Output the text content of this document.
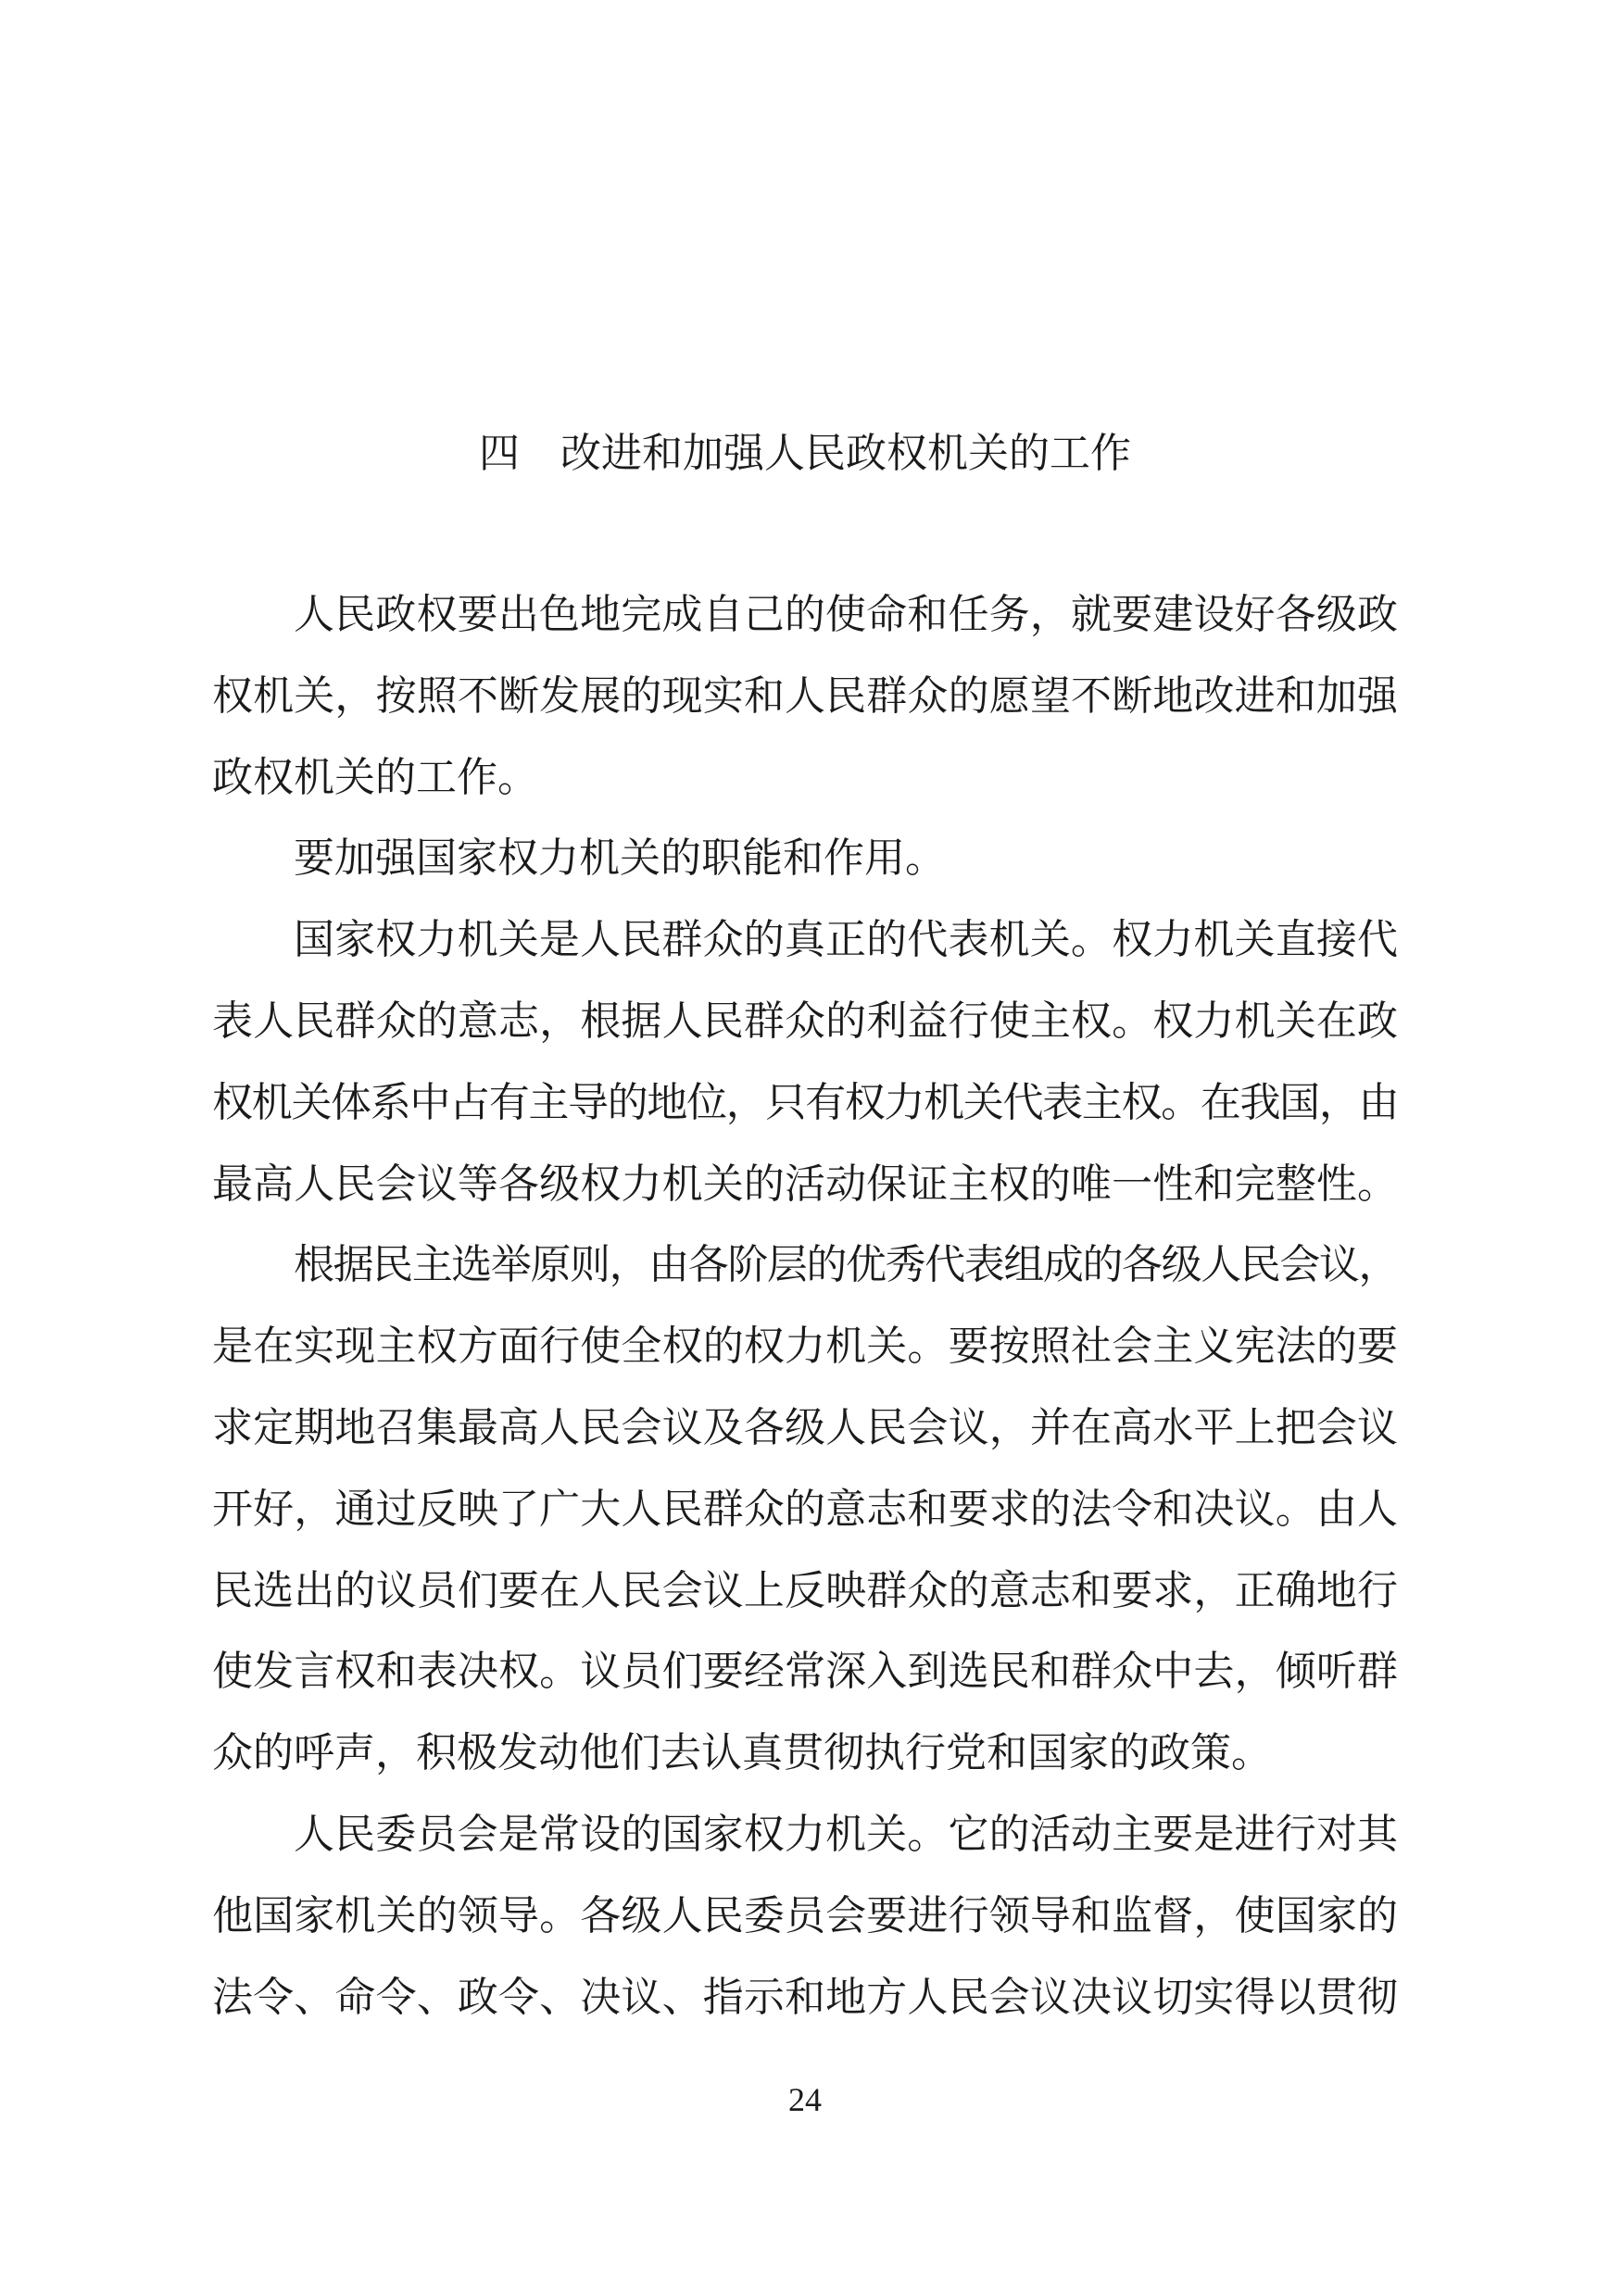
四 改进和加强人民政权机关的工作
人民政权要出色地完成自己的使命和任务，就要建设好各级政
权机关，按照不断发展的现实和人民群众的愿望不断地改进和加强
政权机关的工作。
要加强国家权力机关的职能和作用。
国家权力机关是人民群众的真正的代表机关。权力机关直接代
表人民群众的意志，根据人民群众的利益行使主权。权力机关在政
权机关体系中占有主导的地位，只有权力机关代表主权。在我国，由
最高人民会议等各级权力机关的活动保证主权的唯一性和完整性。
根据民主选举原则，由各阶层的优秀代表组成的各级人民会议，
是在实现主权方面行使全权的权力机关。要按照社会主义宪法的要
求定期地召集最高人民会议及各级人民会议，并在高水平上把会议
开好，通过反映了广大人民群众的意志和要求的法令和决议。由人
民选出的议员们要在人民会议上反映群众的意志和要求，正确地行
使发言权和表决权。议员们要经常深入到选民和群众中去，倾听群
众的呼声，积极发动他们去认真贯彻执行党和国家的政策。
人民委员会是常设的国家权力机关。它的活动主要是进行对其
他国家机关的领导。各级人民委员会要进行领导和监督，使国家的
法令、命令、政令、决议、指示和地方人民会议决议切实得以贯彻
24
